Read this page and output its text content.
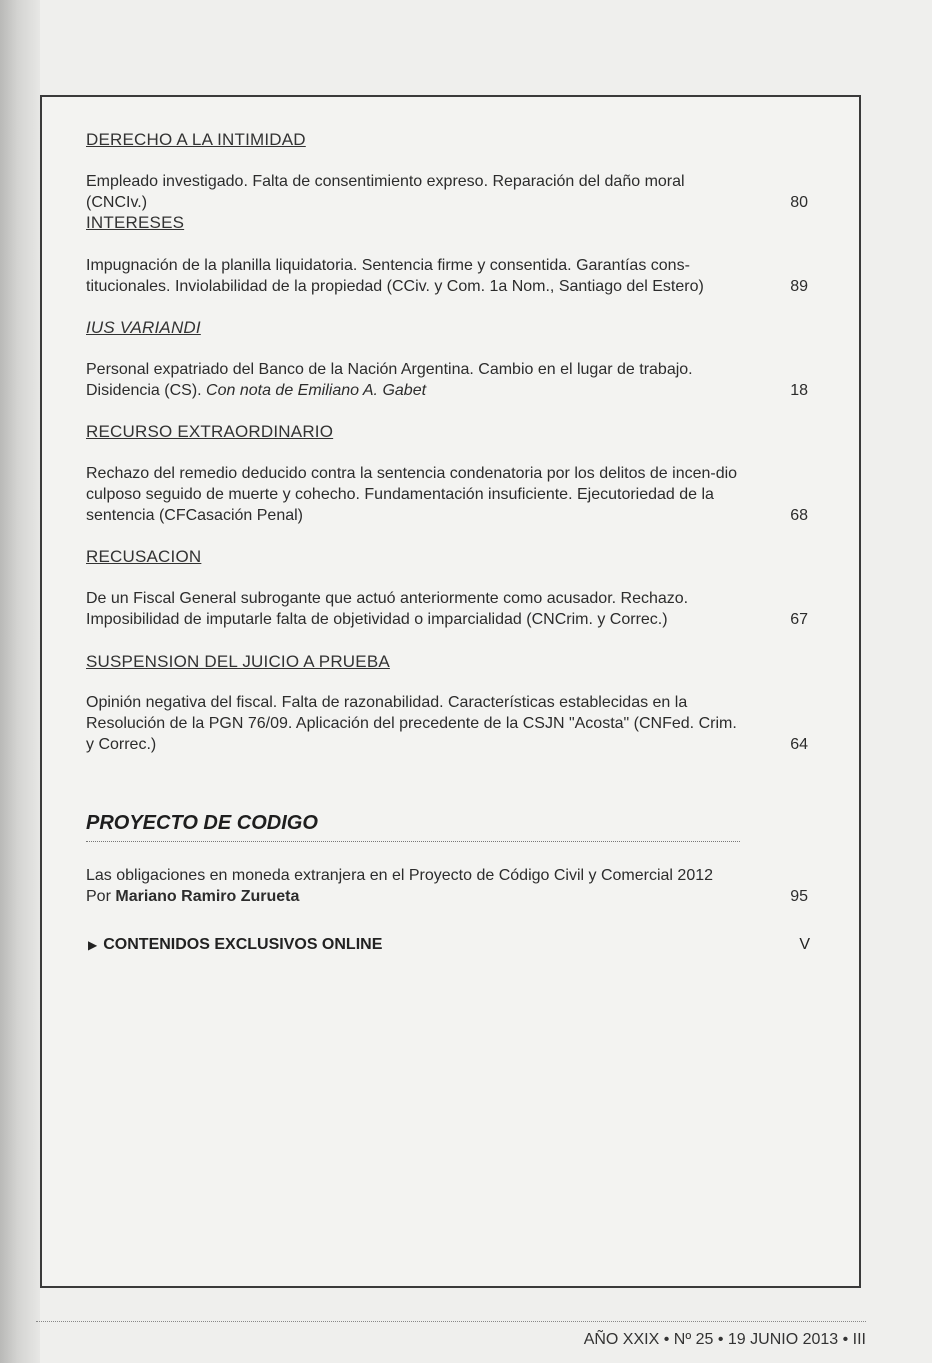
DERECHO A LA INTIMIDAD
Empleado investigado. Falta de consentimiento expreso. Reparación del daño moral (CNCIv.)	80
INTERESES
Impugnación de la planilla liquidatoria. Sentencia firme y consentida. Garantías cons-titucionales. Inviolabilidad de la propiedad (CCiv. y Com. 1a Nom., Santiago del Estero)	89
IUS VARIANDI
Personal expatriado del Banco de la Nación Argentina. Cambio en el lugar de trabajo. Disidencia (CS). Con nota de Emiliano A. Gabet	18
RECURSO EXTRAORDINARIO
Rechazo del remedio deducido contra la sentencia condenatoria por los delitos de incen-dio culposo seguido de muerte y cohecho. Fundamentación insuficiente. Ejecutoriedad de la sentencia (CFCasación Penal)	68
RECUSACION
De un Fiscal General subrogante que actuó anteriormente como acusador. Rechazo. Imposibilidad de imputarle falta de objetividad o imparcialidad (CNCrim. y Correc.)	67
SUSPENSION DEL JUICIO A PRUEBA
Opinión negativa del fiscal. Falta de razonabilidad. Características establecidas en la Resolución de la PGN 76/09. Aplicación del precedente de la CSJN "Acosta" (CNFed. Crim. y Correc.)	64
PROYECTO DE CODIGO
Las obligaciones en moneda extranjera en el Proyecto de Código Civil y Comercial 2012
Por Mariano Ramiro Zurueta	95
▶ CONTENIDOS EXCLUSIVOS ONLINE	V
AÑO XXIX • Nº 25 • 19 JUNIO 2013 • III
